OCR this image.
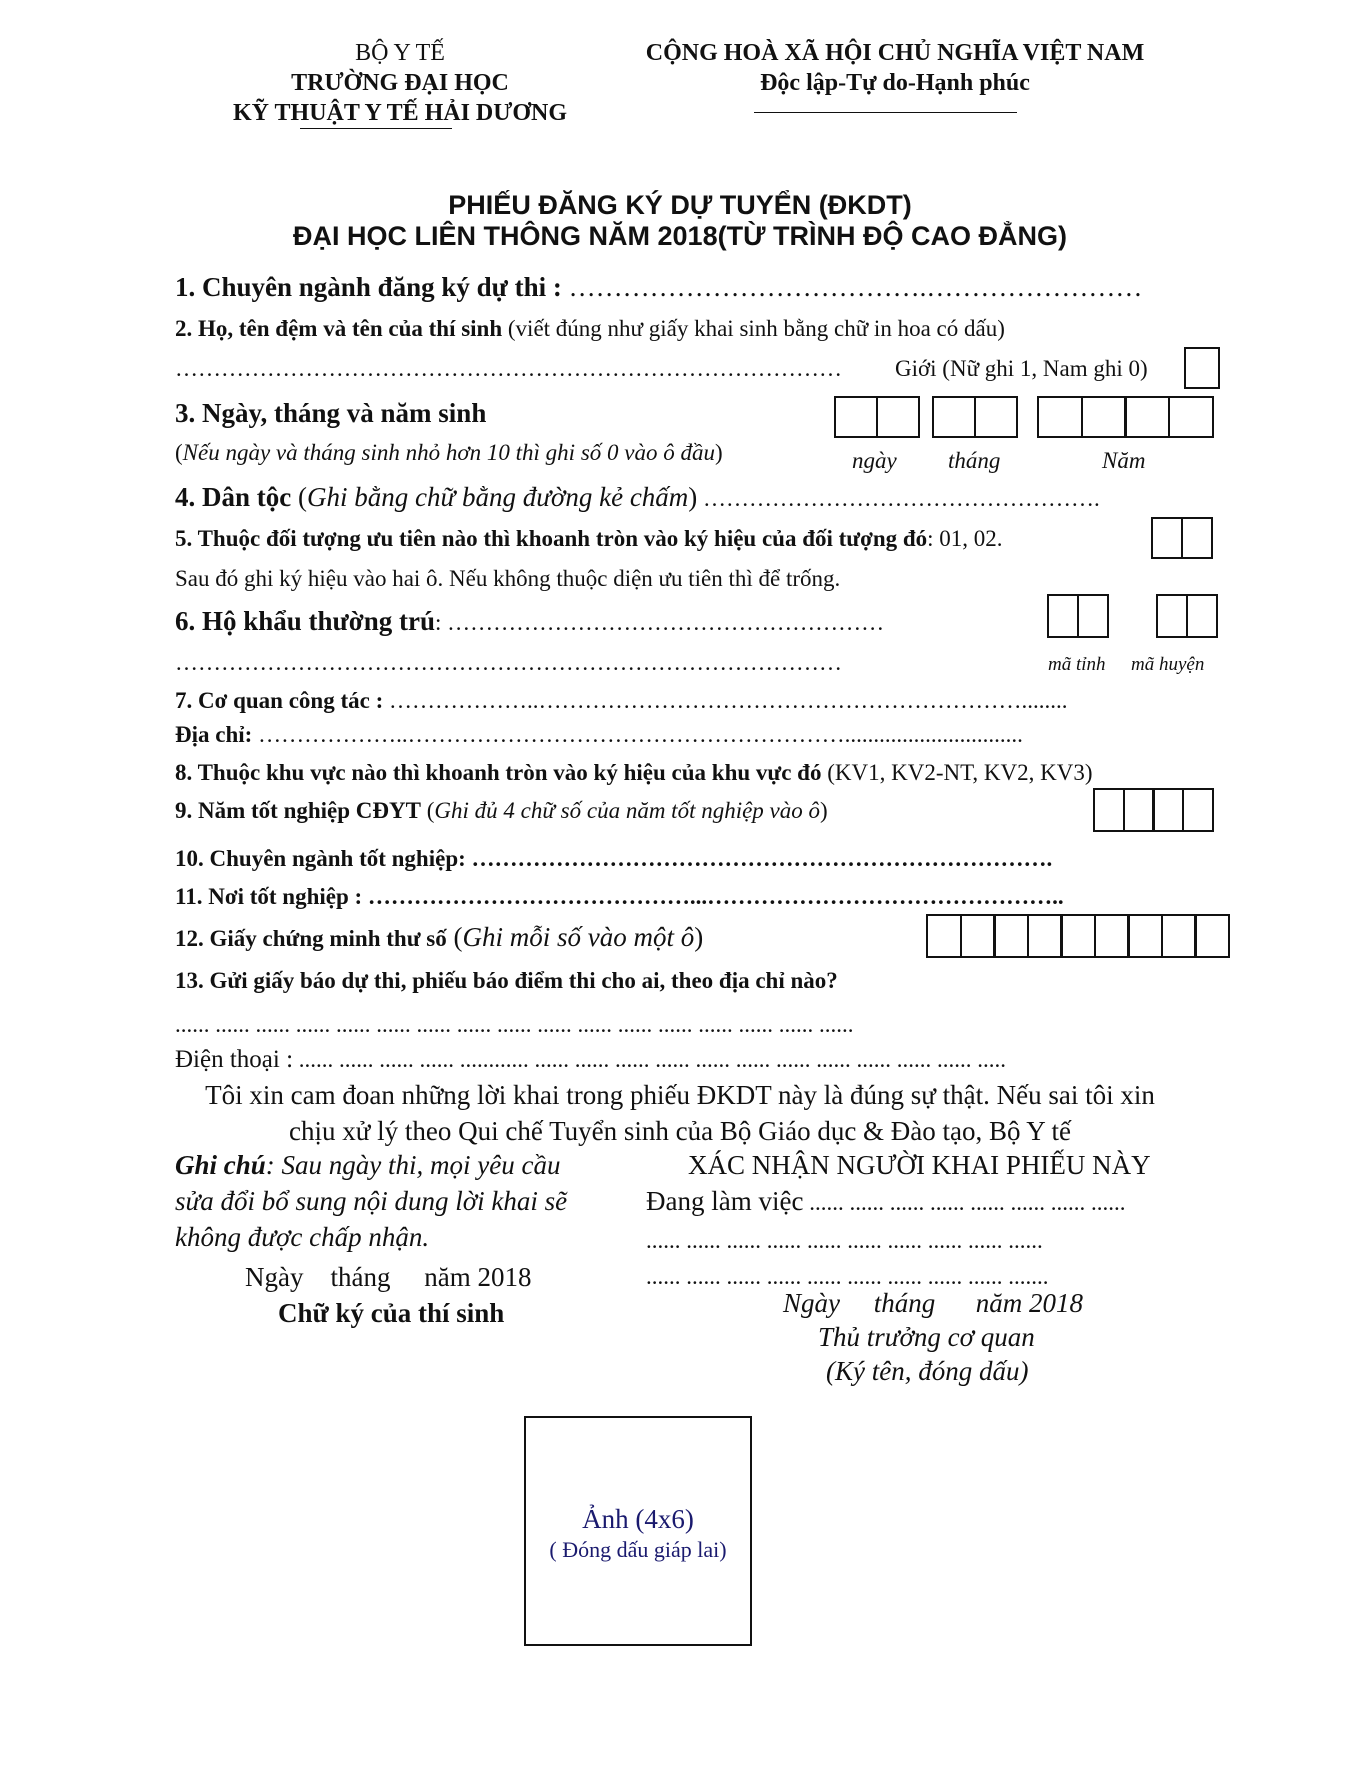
BỘ Y TẾ
TRƯỜNG ĐẠI HỌC
KỸ THUẬT Y TẾ HẢI DƯƠNG
CỘNG HOÀ XÃ HỘI CHỦ NGHĨA VIỆT NAM
Độc lập-Tự do-Hạnh phúc
PHIẾU ĐĂNG KÝ DỰ TUYỂN (ĐKDT)
ĐẠI HỌC LIÊN THÔNG NĂM 2018(TỪ TRÌNH ĐỘ CAO ĐẲNG)
1. Chuyên ngành đăng ký dự thi : ………………………………….……………………
2. Họ, tên đệm và tên của thí sinh (viết đúng như giấy khai sinh bằng chữ in hoa có dấu)
…………………………………………………………………………… Giới (Nữ ghi 1, Nam ghi 0)
3. Ngày, tháng và năm sinh
(Nếu ngày và tháng sinh nhỏ hơn 10 thì ghi số 0 vào ô đầu)	ngày tháng	Năm
4. Dân tộc (Ghi bằng chữ bằng đường kẻ chấm) …………………………………………….
5. Thuộc đối tượng ưu tiên nào thì khoanh tròn vào ký hiệu của đối tượng đó: 01, 02.
Sau đó ghi ký hiệu vào hai ô. Nếu không thuộc diện ưu tiên thì để trống.
6. Hộ khẩu thường trú: …………………………………………………
……………………………………………………………………………	mã tỉnh mã huyện
7. Cơ quan công tác : ………………..………………………………………………………........
Địa chỉ: ………………..…………………………………………………...............................
8. Thuộc khu vực nào thì khoanh tròn vào ký hiệu của khu vực đó (KV1, KV2-NT, KV2, KV3)
9. Năm tốt nghiệp CĐYT (Ghi đủ 4 chữ số của năm tốt nghiệp vào ô)
10. Chuyên ngành tốt nghiệp: ………………………………………………………………….
11. Nơi tốt nghiệp : ……………………………………...………………………………………..
12. Giấy chứng minh thư số (Ghi mỗi số vào một ô)
13. Gửi giấy báo dự thi, phiếu báo điểm thi cho ai, theo địa chỉ nào?
...... ...... ...... ...... ...... ...... ...... ...... ...... ...... ...... ...... ...... ...... ...... ...... ......
Điện thoại : ...... ...... ...... ...... ............ ...... ...... ...... ...... ...... ...... ...... ...... ...... ...... ...... .....
Tôi xin cam đoan những lời khai trong phiếu ĐKDT này là đúng sự thật. Nếu sai tôi xin
chịu xử lý theo Qui chế Tuyển sinh của Bộ Giáo dục & Đào tạo, Bộ Y tế
Ghi chú: Sau ngày thi, mọi yêu cầu
sửa đổi bổ sung nội dung lời khai sẽ
không được chấp nhận.
Ngày    tháng     năm 2018
Chữ ký của thí sinh
XÁC NHẬN NGƯỜI KHAI PHIẾU NÀY
Đang làm việc ...... ...... ...... ...... ...... ...... ...... ......
...... ...... ...... ...... ...... ...... ...... ...... ...... ......
...... ...... ...... ...... ...... ...... ...... ...... ...... .......
Ngày     tháng      năm 2018
Thủ trưởng cơ quan
(Ký tên, đóng dấu)
Ảnh (4x6)
( Đóng dấu giáp lai)
